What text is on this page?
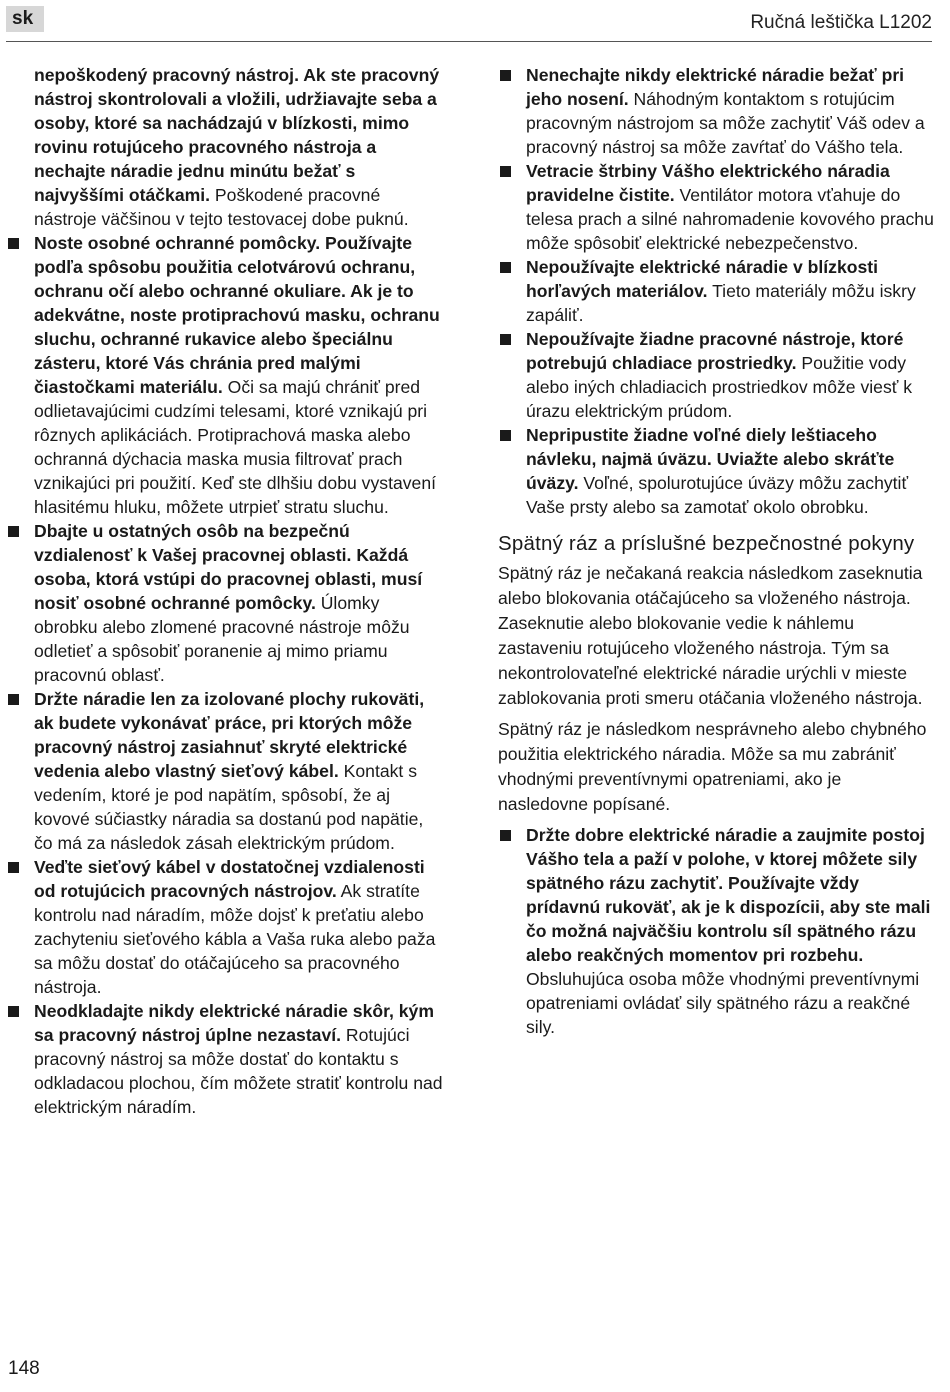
sk	Ručná leštička L1202

nepoškodený pracovný nástroj. Ak ste pracovný nástroj skontrolovali a vložili, udržiavajte seba a osoby, ktoré sa nachádzajú v blízkosti, mimo rovinu rotujúceho pracovného nástroja a nechajte náradie jednu minútu bežať s najvyššími otáčkami. Poškodené pracovné nástroje väčšinou v tejto testovacej dobe puknú.

Noste osobné ochranné pomôcky. Používajte podľa spôsobu použitia celotvárovú ochranu, ochranu očí alebo ochranné okuliare. Ak je to adekvátne, noste protiprachovú masku, ochranu sluchu, ochranné rukavice alebo špeciálnu zásteru, ktoré Vás chránia pred malými čiastočkami materiálu. Oči sa majú chrániť pred odlietavajúcimi cudzími telesami, ktoré vznikajú pri rôznych aplikáciách. Protiprachová maska alebo ochranná dýchacia maska musia filtrovať prach vznikajúci pri použití. Keď ste dlhšiu dobu vystavení hlasitému hluku, môžete utrpieť stratu sluchu.

Dbajte u ostatných osôb na bezpečnú vzdialenosť k Vašej pracovnej oblasti. Každá osoba, ktorá vstúpi do pracovnej oblasti, musí nosiť osobné ochranné pomôcky. Úlomky obrobku alebo zlomené pracovné nástroje môžu odletieť a spôsobiť poranenie aj mimo priamu pracovnú oblasť.

Držte náradie len za izolované plochy rukoväti, ak budete vykonávať práce, pri ktorých môže pracovný nástroj zasiahnuť skryté elektrické vedenia alebo vlastný sieťový kábel. Kontakt s vedením, ktoré je pod napätím, spôsobí, že aj kovové súčiastky náradia sa dostanú pod napätie, čo má za následok zásah elektrickým prúdom.

Veďte sieťový kábel v dostatočnej vzdialenosti od rotujúcich pracovných nástrojov. Ak stratíte kontrolu nad náradím, môže dojsť k preťatiu alebo zachyteniu sieťového kábla a Vaša ruka alebo paža sa môžu dostať do otáčajúceho sa pracovného nástroja.

Neodkladajte nikdy elektrické náradie skôr, kým sa pracovný nástroj úplne nezastaví. Rotujúci pracovný nástroj sa môže dostať do kontaktu s odkladacou plochou, čím môžete stratiť kontrolu nad elektrickým náradím.

Nenechajte nikdy elektrické náradie bežať pri jeho nosení. Náhodným kontaktom s rotujúcim pracovným nástrojom sa môže zachytiť Váš odev a pracovný nástroj sa môže zavŕtať do Vášho tela.

Vetracie štrbiny Vášho elektrického náradia pravidelne čistite. Ventilátor motora vťahuje do telesa prach a silné nahromadenie kovového prachu môže spôsobiť elektrické nebezpečenstvo.

Nepoužívajte elektrické náradie v blízkosti horľavých materiálov. Tieto materiály môžu iskry zapáliť.

Nepoužívajte žiadne pracovné nástroje, ktoré potrebujú chladiace prostriedky. Použitie vody alebo iných chladiacich prostriedkov môže viesť k úrazu elektrickým prúdom.

Nepripustite žiadne voľné diely leštiaceho návleku, najmä úväzu. Uviažte alebo skráťte úväzy. Voľné, spolurotujúce úväzy môžu zachytiť Vaše prsty alebo sa zamotať okolo obrobku.

Spätný ráz a príslušné bezpečnostné pokyny

Spätný ráz je nečakaná reakcia následkom zaseknutia alebo blokovania otáčajúceho sa vloženého nástroja. Zaseknutie alebo blokovanie vedie k náhlemu zastaveniu rotujúceho vloženého nástroja. Tým sa nekontrolovateľné elektrické náradie urýchli v mieste zablokovania proti smeru otáčania vloženého nástroja.

Spätný ráz je následkom nesprávneho alebo chybného použitia elektrického náradia. Môže sa mu zabrániť vhodnými preventívnymi opatreniami, ako je nasledovne popísané.

Držte dobre elektrické náradie a zaujmite postoj Vášho tela a paží v polohe, v ktorej môžete sily spätného rázu zachytiť. Používajte vždy prídavnú rukoväť, ak je k dispozícii, aby ste mali čo možná najväčšiu kontrolu síl spätného rázu alebo reakčných momentov pri rozbehu. Obsluhujúca osoba môže vhodnými preventívnymi opatreniami ovládať sily spätného rázu a reakčné sily.

148
